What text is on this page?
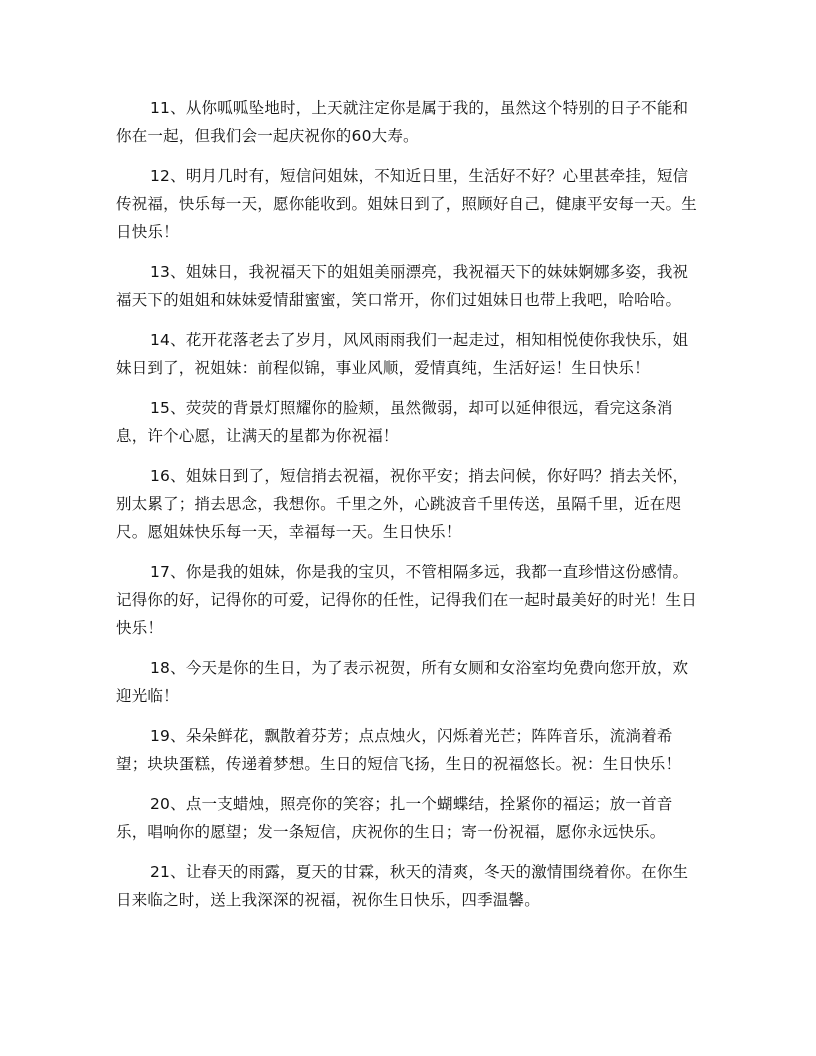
11、从你呱呱坠地时，上天就注定你是属于我的，虽然这个特别的日子不能和你在一起，但我们会一起庆祝你的60大寿。

12、明月几时有，短信问姐妹，不知近日里，生活好不好？心里甚牵挂，短信传祝福，快乐每一天，愿你能收到。姐妹日到了，照顾好自己，健康平安每一天。生日快乐！

13、姐妹日，我祝福天下的姐姐美丽漂亮，我祝福天下的妹妹婀娜多姿，我祝福天下的姐姐和妹妹爱情甜蜜蜜，笑口常开，你们过姐妹日也带上我吧，哈哈哈。

14、花开花落老去了岁月，风风雨雨我们一起走过，相知相悦使你我快乐，姐妹日到了，祝姐妹：前程似锦，事业风顺，爱情真纯，生活好运！生日快乐！

15、荧荧的背景灯照耀你的脸颊，虽然微弱，却可以延伸很远，看完这条消息，许个心愿，让满天的星都为你祝福！

16、姐妹日到了，短信捎去祝福，祝你平安；捎去问候，你好吗？捎去关怀，别太累了；捎去思念，我想你。千里之外，心跳波音千里传送，虽隔千里，近在咫尺。愿姐妹快乐每一天，幸福每一天。生日快乐！

17、你是我的姐妹，你是我的宝贝，不管相隔多远，我都一直珍惜这份感情。记得你的好，记得你的可爱，记得你的任性，记得我们在一起时最美好的时光！生日快乐！

18、今天是你的生日，为了表示祝贺，所有女厕和女浴室均免费向您开放，欢迎光临！

19、朵朵鲜花，飘散着芬芳；点点烛火，闪烁着光芒；阵阵音乐，流淌着希望；块块蛋糕，传递着梦想。生日的短信飞扬，生日的祝福悠长。祝：生日快乐！

20、点一支蜡烛，照亮你的笑容；扎一个蝴蝶结，拴紧你的福运；放一首音乐，唱响你的愿望；发一条短信，庆祝你的生日；寄一份祝福，愿你永远快乐。

21、让春天的雨露，夏天的甘霖，秋天的清爽，冬天的激情围绕着你。在你生日来临之时，送上我深深的祝福，祝你生日快乐，四季温馨。
